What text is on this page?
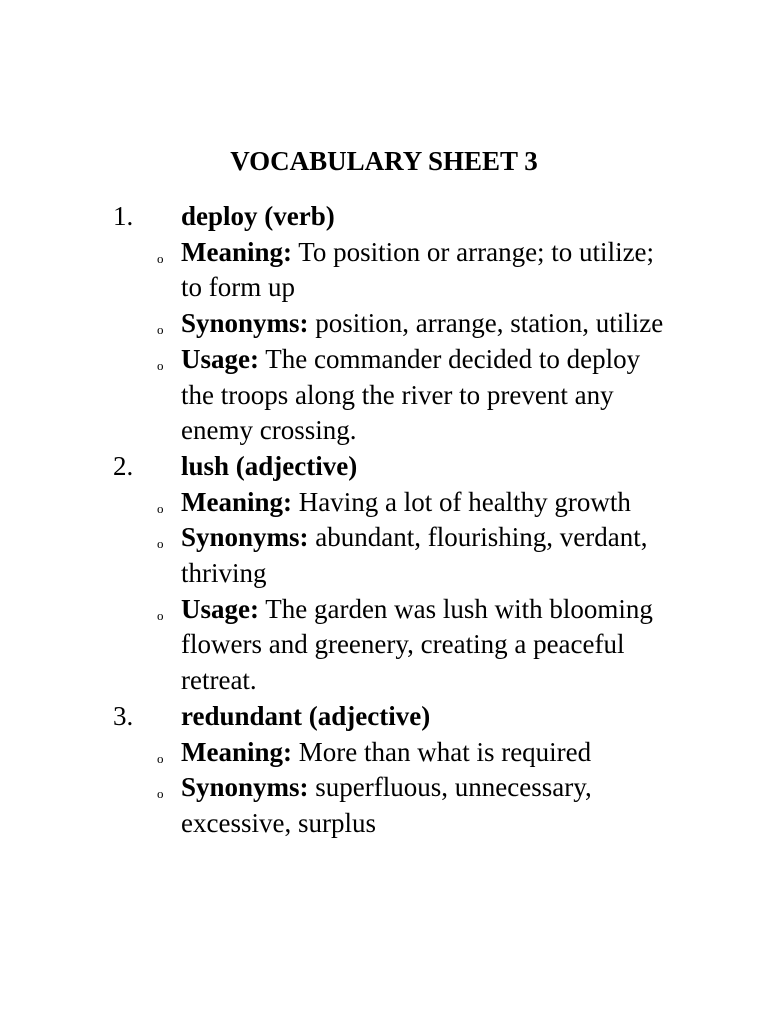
VOCABULARY SHEET 3
1. deploy (verb)
o Meaning: To position or arrange; to utilize; to form up
o Synonyms: position, arrange, station, utilize
o Usage: The commander decided to deploy the troops along the river to prevent any enemy crossing.
2. lush (adjective)
o Meaning: Having a lot of healthy growth
o Synonyms: abundant, flourishing, verdant, thriving
o Usage: The garden was lush with blooming flowers and greenery, creating a peaceful retreat.
3. redundant (adjective)
o Meaning: More than what is required
o Synonyms: superfluous, unnecessary, excessive, surplus
